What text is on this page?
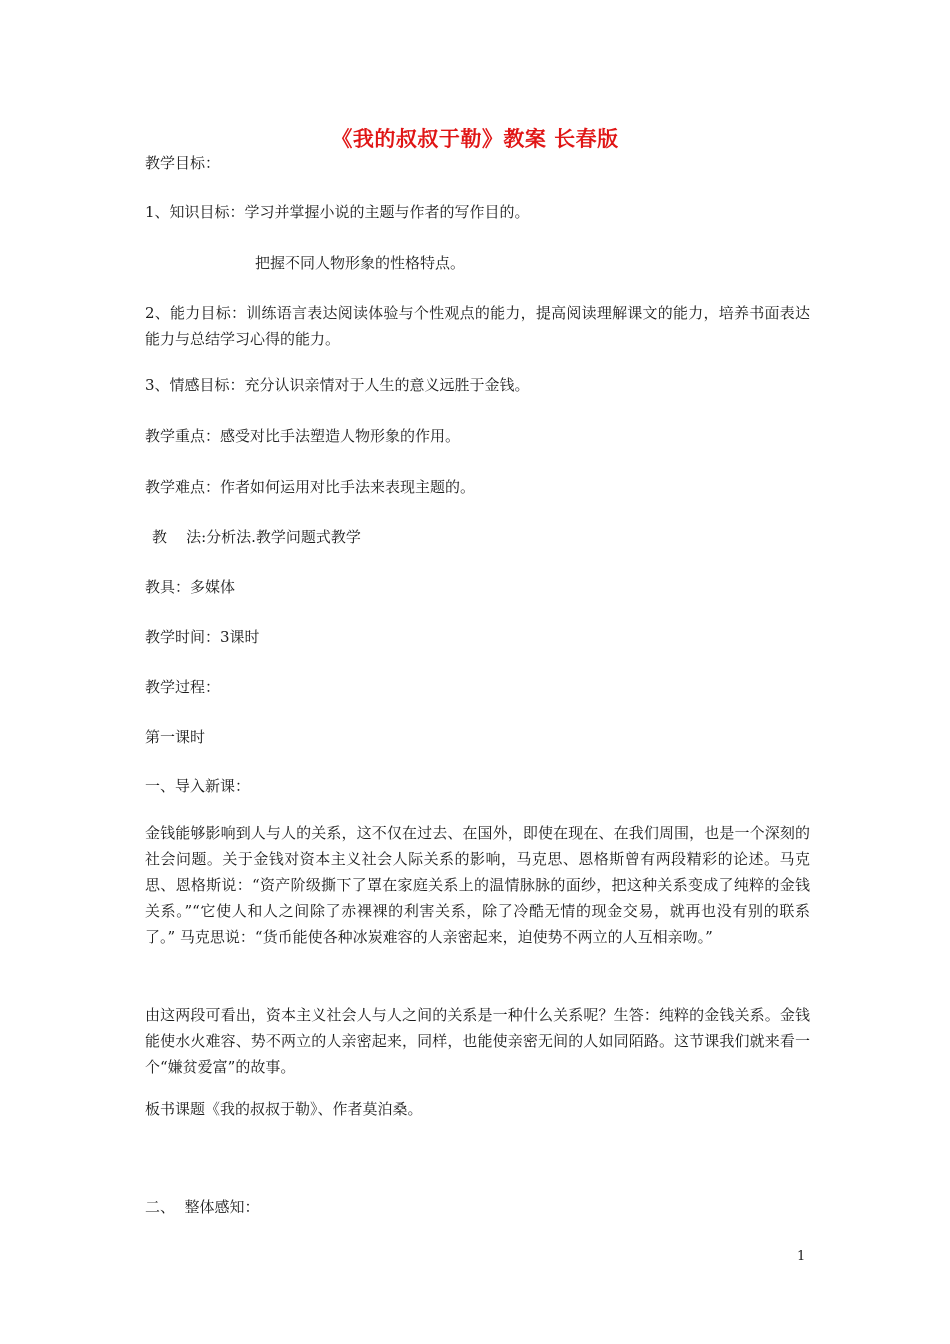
《我的叔叔于勒》教案 长春版
教学目标：
1、知识目标：学习并掌握小说的主题与作者的写作目的。
把握不同人物形象的性格特点。
2、能力目标：训练语言表达阅读体验与个性观点的能力，提高阅读理解课文的能力，培养书面表达能力与总结学习心得的能力。
3、情感目标：充分认识亲情对于人生的意义远胜于金钱。
教学重点：感受对比手法塑造人物形象的作用。
教学难点：作者如何运用对比手法来表现主题的。
教    法:分析法.教学问题式教学
教具：多媒体
教学时间：3课时
教学过程：
第一课时
一、导入新课：
金钱能够影响到人与人的关系，这不仅在过去、在国外，即使在现在、在我们周围，也是一个深刻的社会问题。关于金钱对资本主义社会人际关系的影响，马克思、恩格斯曾有两段精彩的论述。马克思、恩格斯说：“资产阶级撕下了罩在家庭关系上的温情脉脉的面纱，把这种关系变成了纯粹的金钱关系。”“它使人和人之间除了赤裸裸的利害关系，除了冷酷无情的现金交易，就再也没有别的联系了。” 马克思说：“货币能使各种冰炭难容的人亲密起来，迫使势不两立的人互相亲吻。”
由这两段可看出，资本主义社会人与人之间的关系是一种什么关系呢？生答：纯粹的金钱关系。金钱能使水火难容、势不两立的人亲密起来，同样，也能使亲密无间的人如同陌路。这节课我们就来看一个“嫌贫爱富”的故事。
板书课题《我的叔叔于勒》、作者莫泊桑。
二、  整体感知：
1
